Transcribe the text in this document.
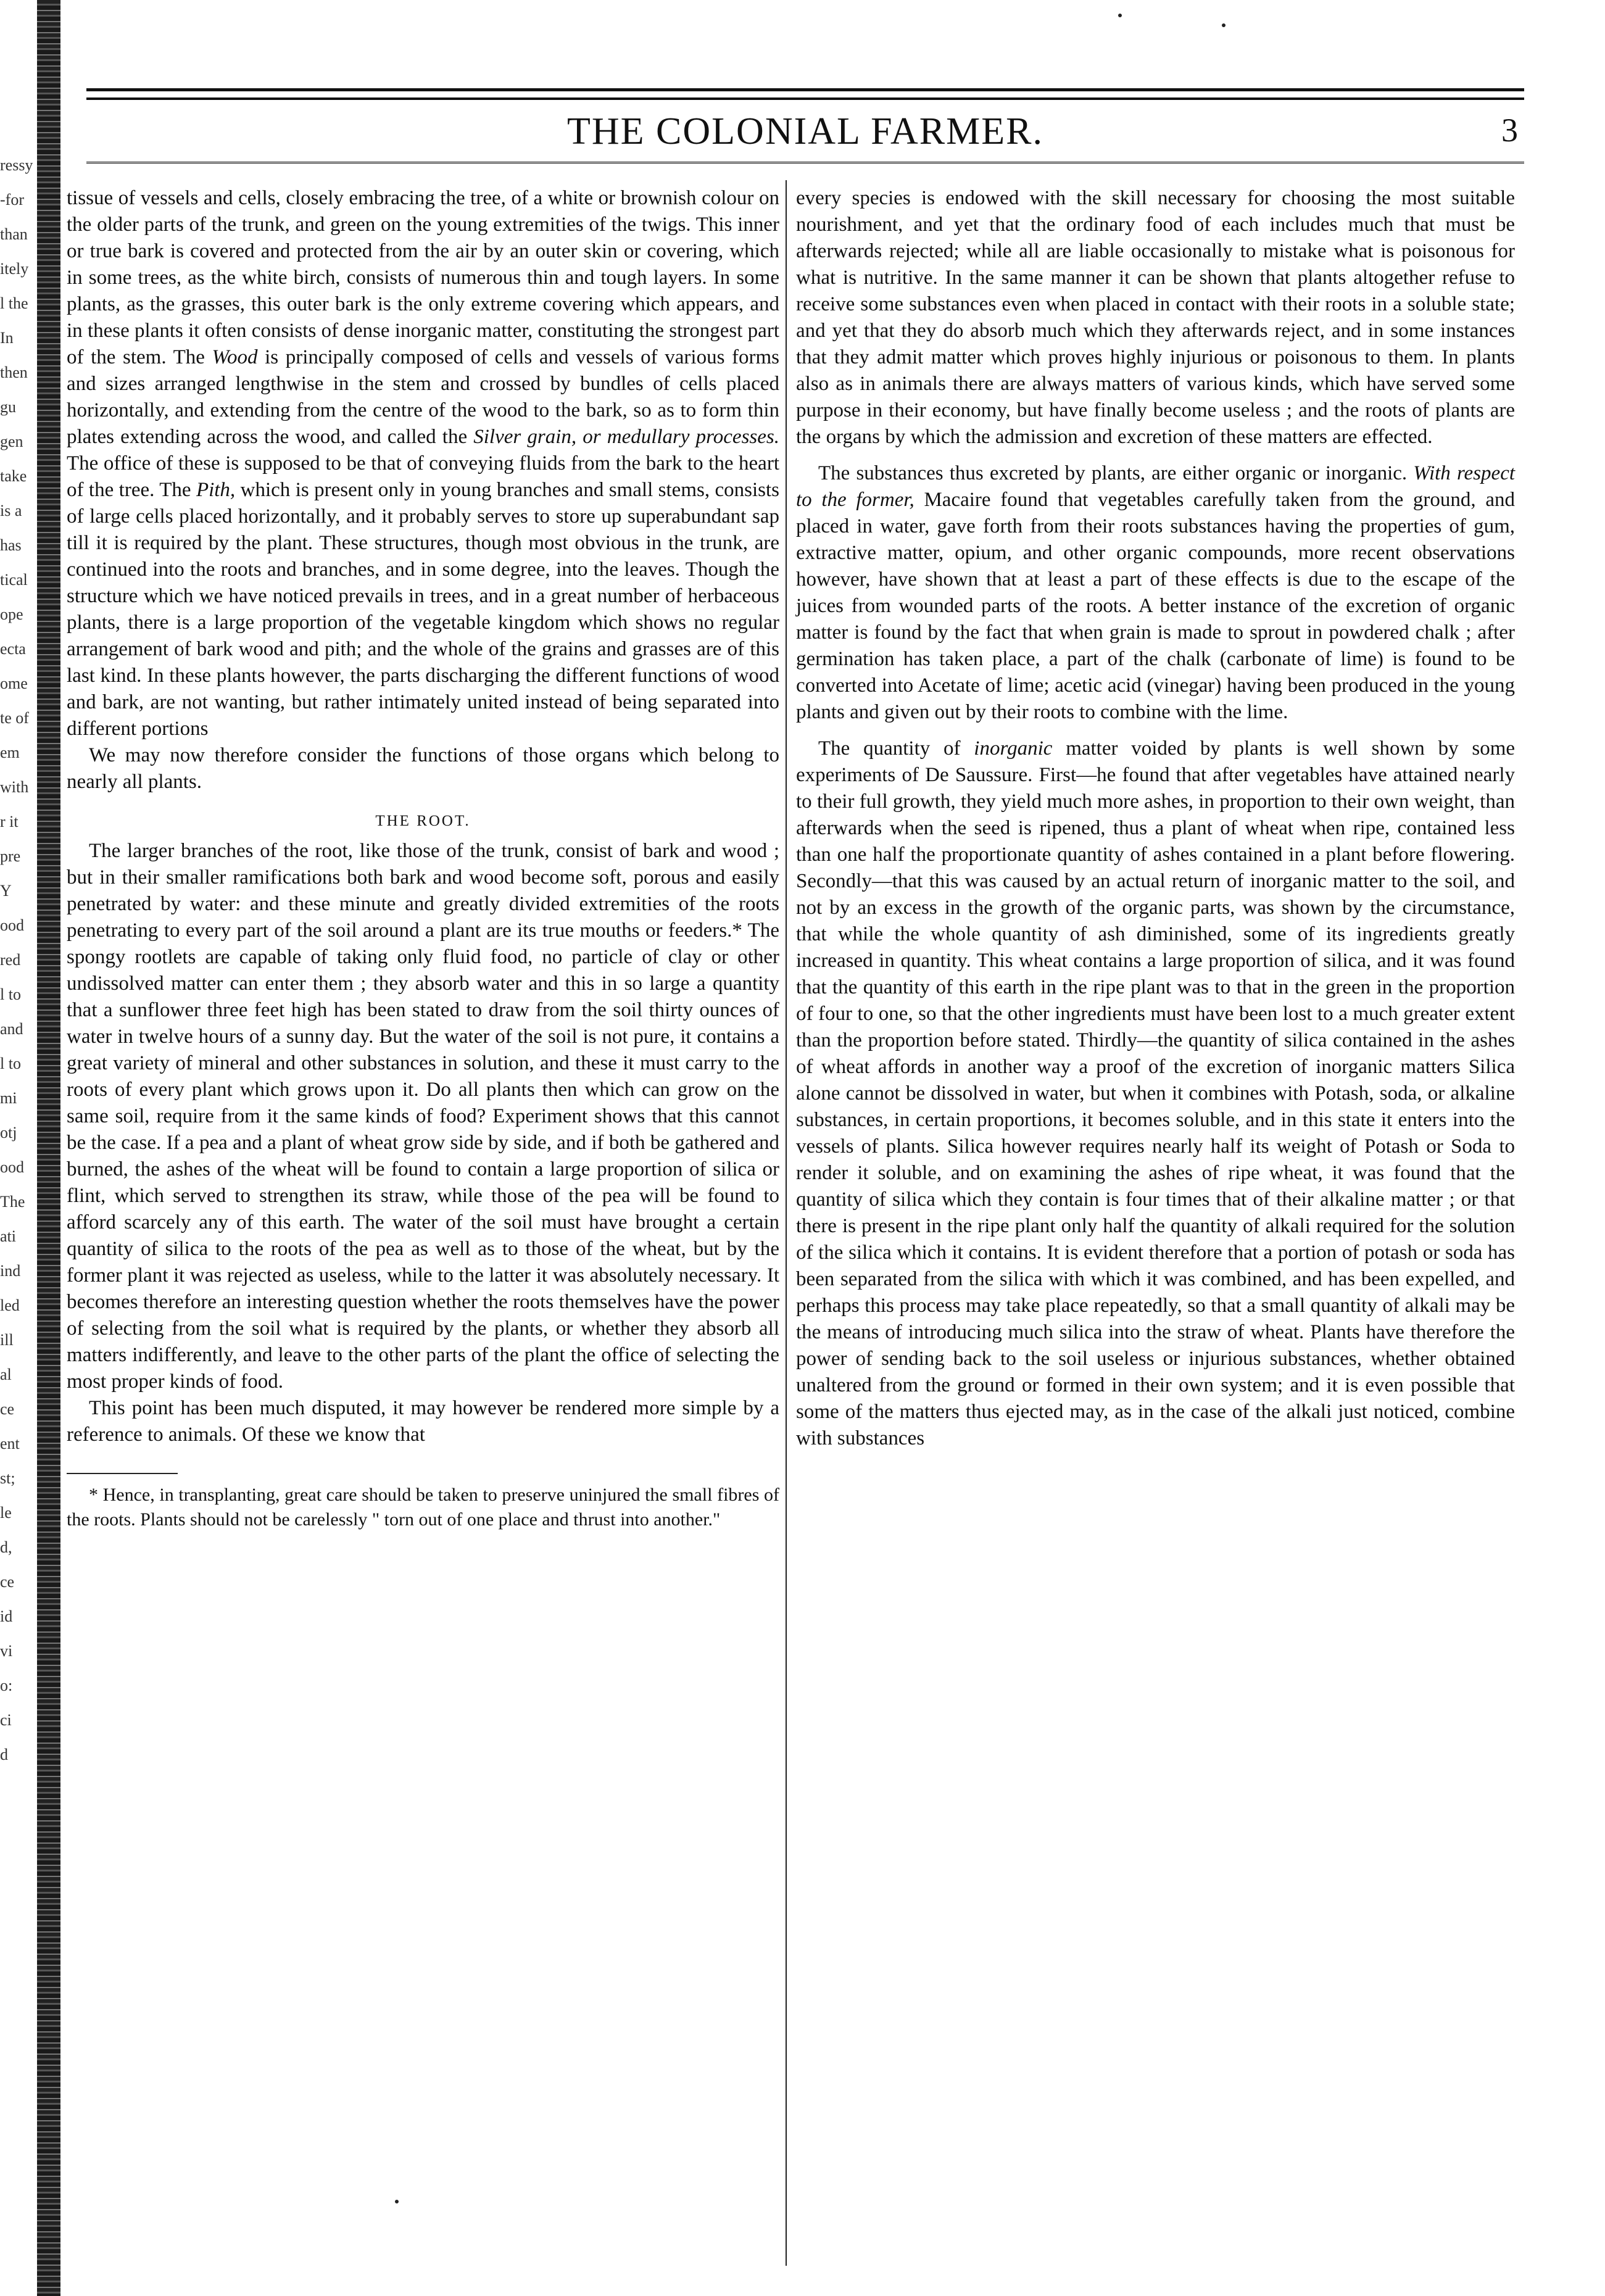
ressy
-for
than
itely
l the
In
then
gu
gen
take
is a
has
tical
ope
ecta
ome
te of
em
with
r it
pre
Y
ood
red
l to
and
l to
mi
otj
ood
The
ati
ind
led
ill
al
ce
ent
st;
le
d,
ce
id
vi
o:
ci
d
THE COLONIAL FARMER.	3

tissue of vessels and cells, closely embracing the tree, of a white or brownish colour on the older parts of the trunk, and green on the young extremities of the twigs. This inner or true bark is covered and protected from the air by an outer skin or covering, which in some trees, as the white birch, consists of numerous thin and tough layers. In some plants, as the grasses, this outer bark is the only extreme covering which appears, and in these plants it often consists of dense inorganic matter, constituting the strongest part of the stem. The Wood is principally composed of cells and vessels of various forms and sizes arranged lengthwise in the stem and crossed by bundles of cells placed horizontally, and extending from the centre of the wood to the bark, so as to form thin plates extending across the wood, and called the Silver grain, or medullary processes. The office of these is supposed to be that of conveying fluids from the bark to the heart of the tree. The Pith, which is present only in young branches and small stems, consists of large cells placed horizontally, and it probably serves to store up superabundant sap till it is required by the plant. These structures, though most obvious in the trunk, are continued into the roots and branches, and in some degree, into the leaves. Though the structure which we have noticed prevails in trees, and in a great number of herbaceous plants, there is a large proportion of the vegetable kingdom which shows no regular arrangement of bark wood and pith; and the whole of the grains and grasses are of this last kind. In these plants however, the parts discharging the different functions of wood and bark, are not wanting, but rather intimately united instead of being separated into different portions

We may now therefore consider the functions of those organs which belong to nearly all plants.

THE ROOT.

The larger branches of the root, like those of the trunk, consist of bark and wood ; but in their smaller ramifications both bark and wood become soft, porous and easily penetrated by water: and these minute and greatly divided extremities of the roots penetrating to every part of the soil around a plant are its true mouths or feeders.* The spongy rootlets are capable of taking only fluid food, no particle of clay or other undissolved matter can enter them ; they absorb water and this in so large a quantity that a sunflower three feet high has been stated to draw from the soil thirty ounces of water in twelve hours of a sunny day. But the water of the soil is not pure, it contains a great variety of mineral and other substances in solution, and these it must carry to the roots of every plant which grows upon it. Do all plants then which can grow on the same soil, require from it the same kinds of food? Experiment shows that this cannot be the case. If a pea and a plant of wheat grow side by side, and if both be gathered and burned, the ashes of the wheat will be found to contain a large proportion of silica or flint, which served to strengthen its straw, while those of the pea will be found to afford scarcely any of this earth. The water of the soil must have brought a certain quantity of silica to the roots of the pea as well as to those of the wheat, but by the former plant it was rejected as useless, while to the latter it was absolutely necessary. It becomes therefore an interesting question whether the roots themselves have the power of selecting from the soil what is required by the plants, or whether they absorb all matters indifferently, and leave to the other parts of the plant the office of selecting the most proper kinds of food.

This point has been much disputed, it may however be rendered more simple by a reference to animals. Of these we know that

* Hence, in transplanting, great care should be taken to preserve uninjured the small fibres of the roots. Plants should not be carelessly " torn out of one place and thrust into another."

every species is endowed with the skill necessary for choosing the most suitable nourishment, and yet that the ordinary food of each includes much that must be afterwards rejected; while all are liable occasionally to mistake what is poisonous for what is nutritive. In the same manner it can be shown that plants altogether refuse to receive some substances even when placed in contact with their roots in a soluble state; and yet that they do absorb much which they afterwards reject, and in some instances that they admit matter which proves highly injurious or poisonous to them. In plants also as in animals there are always matters of various kinds, which have served some purpose in their economy, but have finally become useless ; and the roots of plants are the organs by which the admission and excretion of these matters are effected.

The substances thus excreted by plants, are either organic or inorganic. With respect to the former, Macaire found that vegetables carefully taken from the ground, and placed in water, gave forth from their roots substances having the properties of gum, extractive matter, opium, and other organic compounds, more recent observations however, have shown that at least a part of these effects is due to the escape of the juices from wounded parts of the roots. A better instance of the excretion of organic matter is found by the fact that when grain is made to sprout in powdered chalk ; after germination has taken place, a part of the chalk (carbonate of lime) is found to be converted into Acetate of lime; acetic acid (vinegar) having been produced in the young plants and given out by their roots to combine with the lime.

The quantity of inorganic matter voided by plants is well shown by some experiments of De Saussure. First—he found that after vegetables have attained nearly to their full growth, they yield much more ashes, in proportion to their own weight, than afterwards when the seed is ripened, thus a plant of wheat when ripe, contained less than one half the proportionate quantity of ashes contained in a plant before flowering. Secondly—that this was caused by an actual return of inorganic matter to the soil, and not by an excess in the growth of the organic parts, was shown by the circumstance, that while the whole quantity of ash diminished, some of its ingredients greatly increased in quantity. This wheat contains a large proportion of silica, and it was found that the quantity of this earth in the ripe plant was to that in the green in the proportion of four to one, so that the other ingredients must have been lost to a much greater extent than the proportion before stated. Thirdly—the quantity of silica contained in the ashes of wheat affords in another way a proof of the excretion of inorganic matters Silica alone cannot be dissolved in water, but when it combines with Potash, soda, or alkaline substances, in certain proportions, it becomes soluble, and in this state it enters into the vessels of plants. Silica however requires nearly half its weight of Potash or Soda to render it soluble, and on examining the ashes of ripe wheat, it was found that the quantity of silica which they contain is four times that of their alkaline matter ; or that there is present in the ripe plant only half the quantity of alkali required for the solution of the silica which it contains. It is evident therefore that a portion of potash or soda has been separated from the silica with which it was combined, and has been expelled, and perhaps this process may take place repeatedly, so that a small quantity of alkali may be the means of introducing much silica into the straw of wheat. Plants have therefore the power of sending back to the soil useless or injurious substances, whether obtained unaltered from the ground or formed in their own system; and it is even possible that some of the matters thus ejected may, as in the case of the alkali just noticed, combine with substances
